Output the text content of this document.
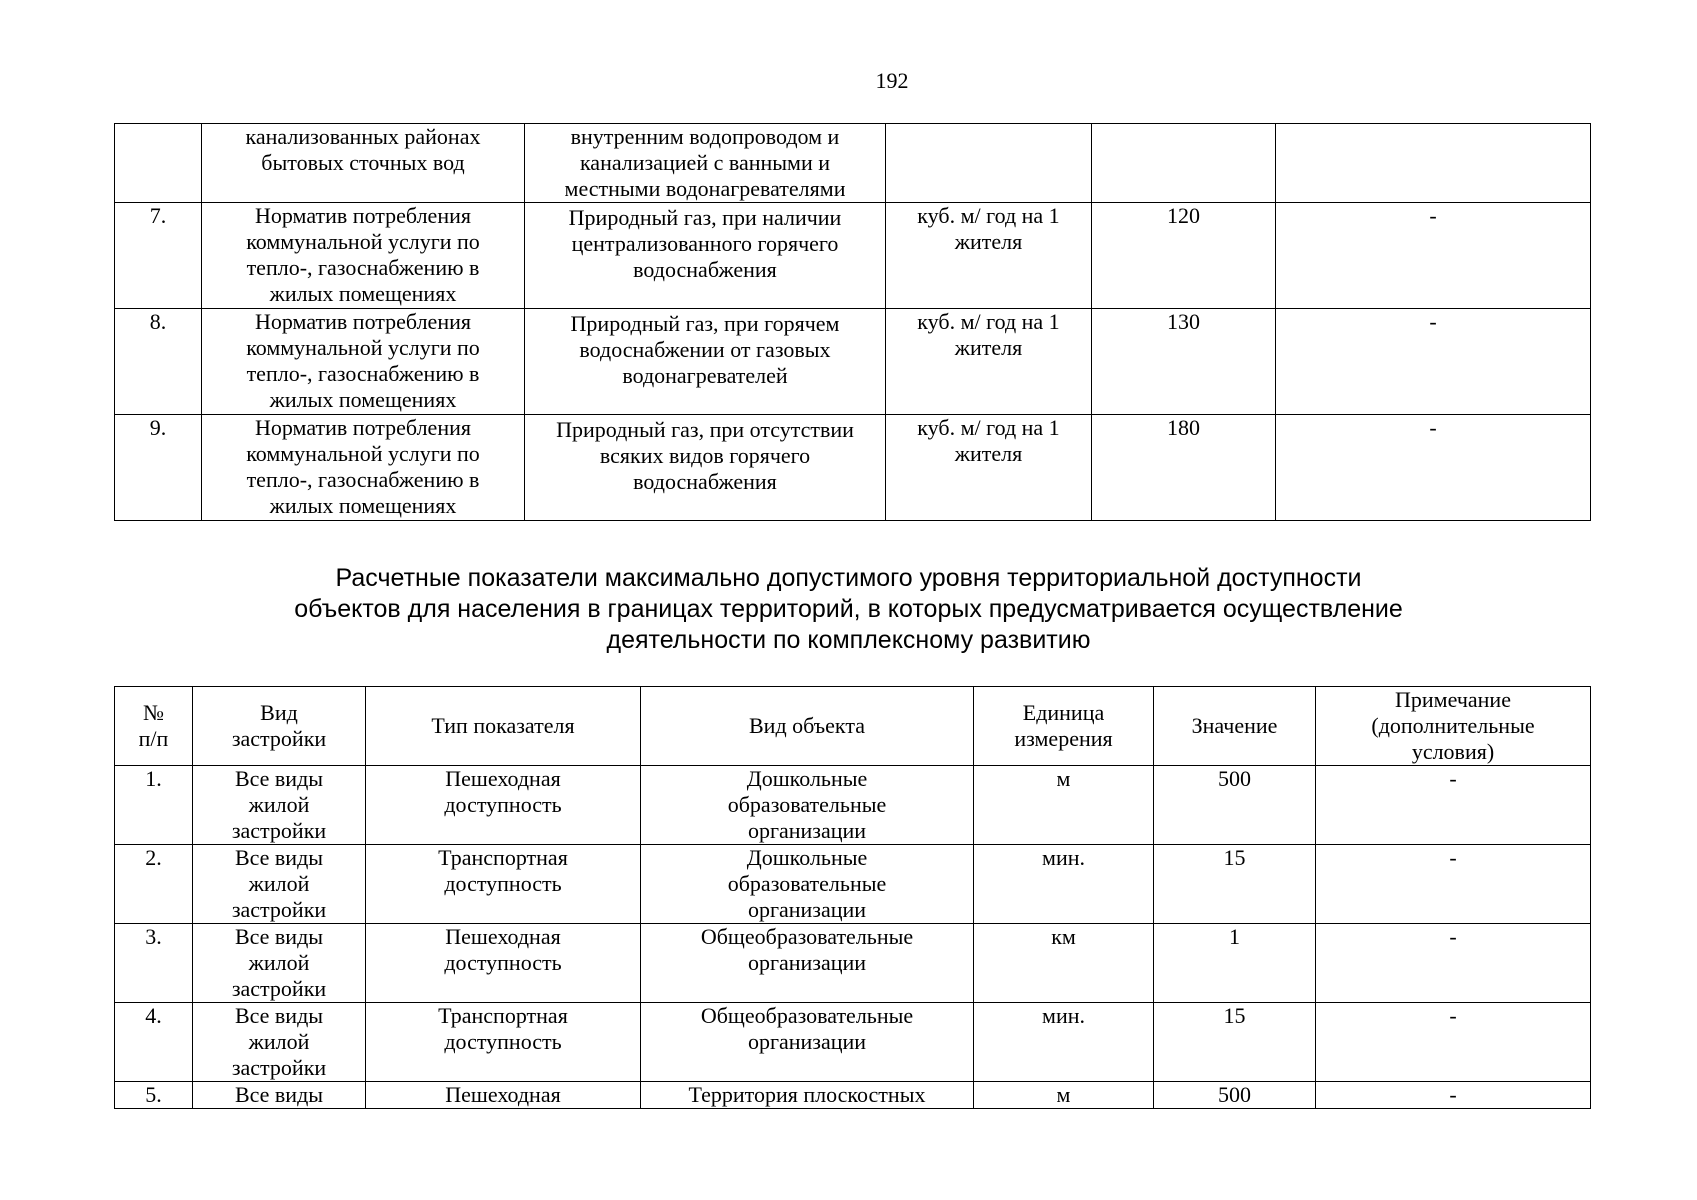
192
	канализованных районах
бытовых сточных вод	внутренним водопроводом и
канализацией с ванными и
местными водонагревателями			
7.	Норматив потребления
коммунальной услуги по
тепло-, газоснабжению в
жилых помещениях	Природный газ, при наличии
централизованного горячего
водоснабжения	куб. м/ год на 1
жителя	120	-
8.	Норматив потребления
коммунальной услуги по
тепло-, газоснабжению в
жилых помещениях	Природный газ, при горячем
водоснабжении от газовых
водонагревателей	куб. м/ год на 1
жителя	130	-
9.	Норматив потребления
коммунальной услуги по
тепло-, газоснабжению в
жилых помещениях	Природный газ, при отсутствии
всяких видов горячего
водоснабжения	куб. м/ год на 1
жителя	180	-
Расчетные показатели максимально допустимого уровня территориальной доступности
объектов для населения в границах территорий, в которых предусматривается осуществление
деятельности по комплексному развитию
№
п/п	Вид
застройки	Тип показателя	Вид объекта	Единица
измерения	Значение	Примечание
(дополнительные
условия)
1.	Все виды
жилой
застройки	Пешеходная
доступность	Дошкольные
образовательные
организации	м	500	-
2.	Все виды
жилой
застройки	Транспортная
доступность	Дошкольные
образовательные
организации	мин.	15	-
3.	Все виды
жилой
застройки	Пешеходная
доступность	Общеобразовательные
организации	км	1	-
4.	Все виды
жилой
застройки	Транспортная
доступность	Общеобразовательные
организации	мин.	15	-
5.	Все виды	Пешеходная	Территория плоскостных	м	500	-
